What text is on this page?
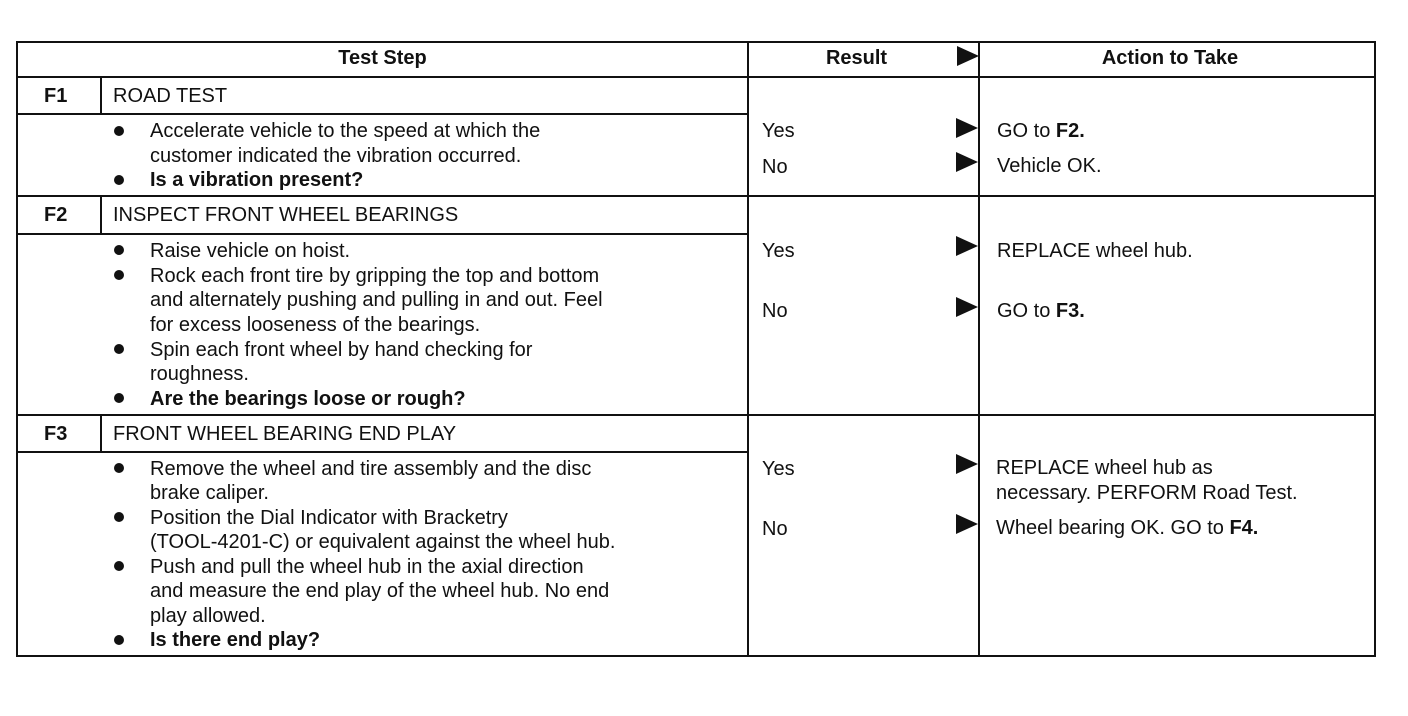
Test Step	Result	Action to Take
F1 ROAD TEST
Accelerate vehicle to the speed at which the
customer indicated the vibration occurred.
Is a vibration present?
Yes	GO to F2.
No	Vehicle OK.
F2 INSPECT FRONT WHEEL BEARINGS
Raise vehicle on hoist.
Rock each front tire by gripping the top and bottom
and alternately pushing and pulling in and out. Feel
for excess looseness of the bearings.
Spin each front wheel by hand checking for
roughness.
Are the bearings loose or rough?
Yes	REPLACE wheel hub.
No	GO to F3.
F3 FRONT WHEEL BEARING END PLAY
Remove the wheel and tire assembly and the disc
brake caliper.
Position the Dial Indicator with Bracketry
(TOOL-4201-C) or equivalent against the wheel hub.
Push and pull the wheel hub in the axial direction
and measure the end play of the wheel hub. No end
play allowed.
Is there end play?
Yes	REPLACE wheel hub as
necessary. PERFORM Road Test.
No	Wheel bearing OK. GO to F4.
